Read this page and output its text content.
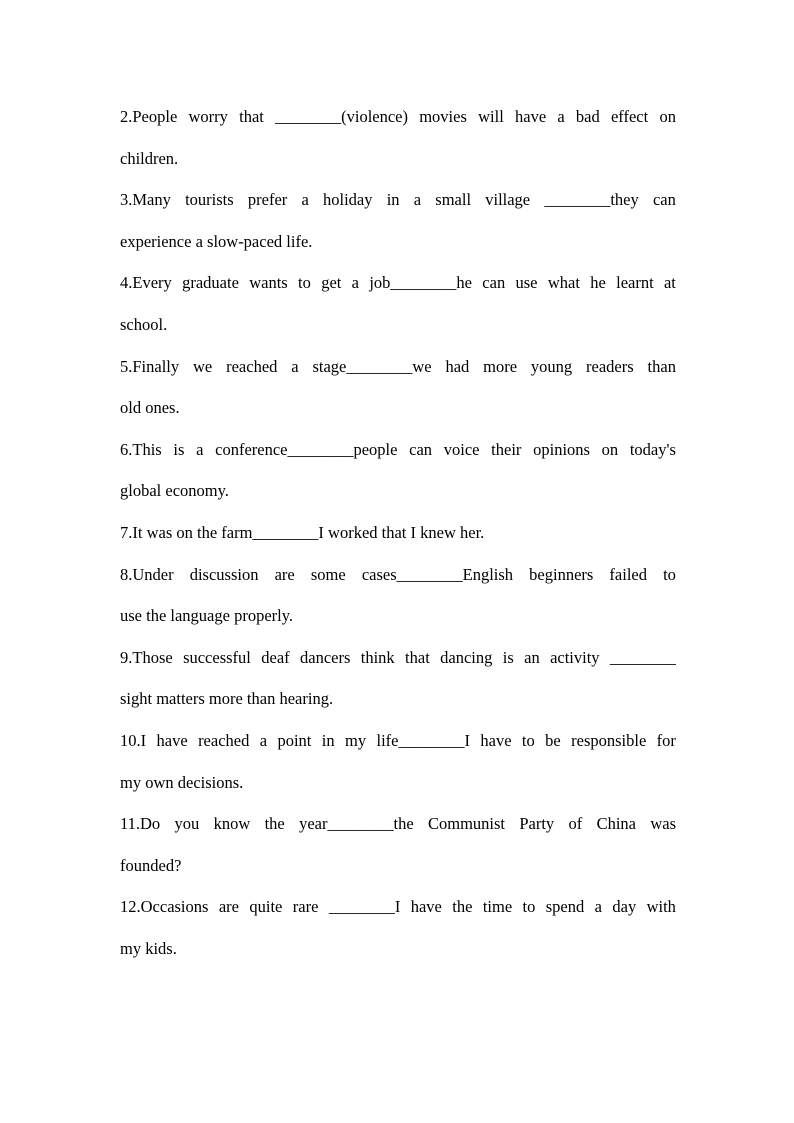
2.People worry that ________(violence) movies will have a bad effect on
children.
3.Many tourists prefer a holiday in a small village ________they can
experience a slow-paced life.
4.Every graduate wants to get a job________he can use what he learnt at
school.
5.Finally we reached a stage________we had more young readers than
old ones.
6.This is a conference________people can voice their opinions on today's
global economy.
7.It was on the farm________I worked that I knew her.
8.Under discussion are some cases________English beginners failed to
use the language properly.
9.Those successful deaf dancers think that dancing is an activity ________
sight matters more than hearing.
10.I have reached a point in my life________I have to be responsible for
my own decisions.
11.Do you know the year________the Communist Party of China was
founded?
12.Occasions are quite rare ________I have the time to spend a day with
my kids.
